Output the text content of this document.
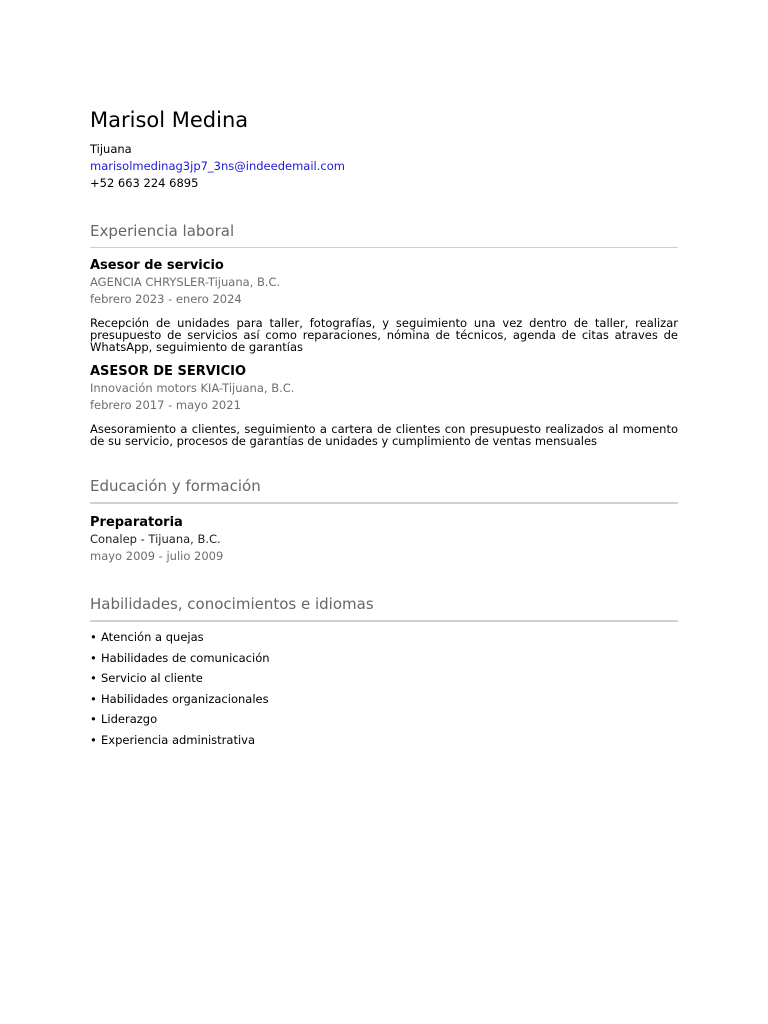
Marisol Medina
Tijuana
marisolmedinag3jp7_3ns@indeedemail.com
+52 663 224 6895
Experiencia laboral
Asesor de servicio
AGENCIA CHRYSLER-Tijuana, B.C.
febrero 2023 - enero 2024

Recepción de unidades para taller, fotografías, y seguimiento una vez dentro de taller, realizar presupuesto de servicios así como reparaciones, nómina de técnicos, agenda de citas atraves de WhatsApp, seguimiento de garantías

ASESOR DE SERVICIO
Innovación motors KIA-Tijuana, B.C.
febrero 2017 - mayo 2021

Asesoramiento a clientes, seguimiento a cartera de clientes con presupuesto realizados al momento de su servicio, procesos de garantías de unidades y cumplimiento de ventas mensuales

Educación y formación
Preparatoria
Conalep - Tijuana, B.C.
mayo 2009 - julio 2009
Habilidades, conocimientos e idiomas
• Atención a quejas
• Habilidades de comunicación
• Servicio al cliente
• Habilidades organizacionales
• Liderazgo
• Experiencia administrativa
